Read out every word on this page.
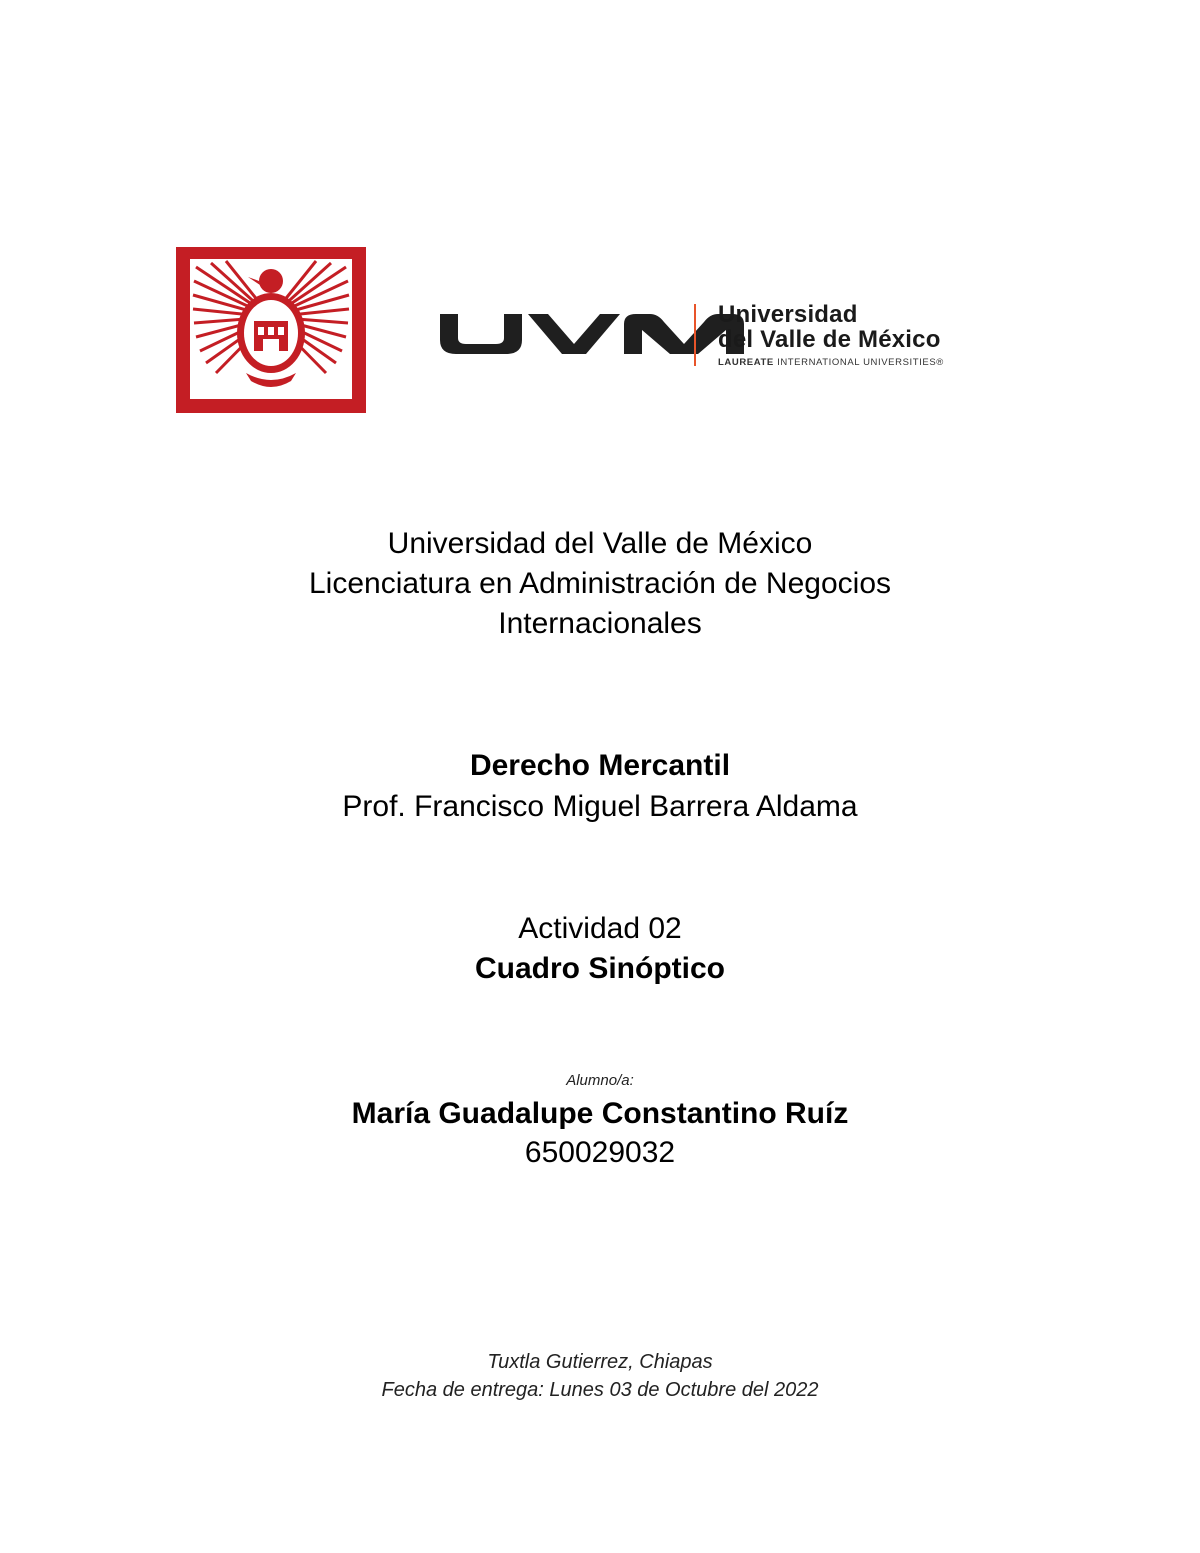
Universidad
del Valle de México
LAUREATE INTERNATIONAL UNIVERSITIES®
Universidad del Valle de México
Licenciatura en Administración de Negocios
Internacionales
Derecho Mercantil
Prof. Francisco Miguel Barrera Aldama
Actividad 02
Cuadro Sinóptico
Alumno/a:
María Guadalupe Constantino Ruíz
650029032
Tuxtla Gutierrez, Chiapas
Fecha de entrega: Lunes 03 de Octubre del 2022
